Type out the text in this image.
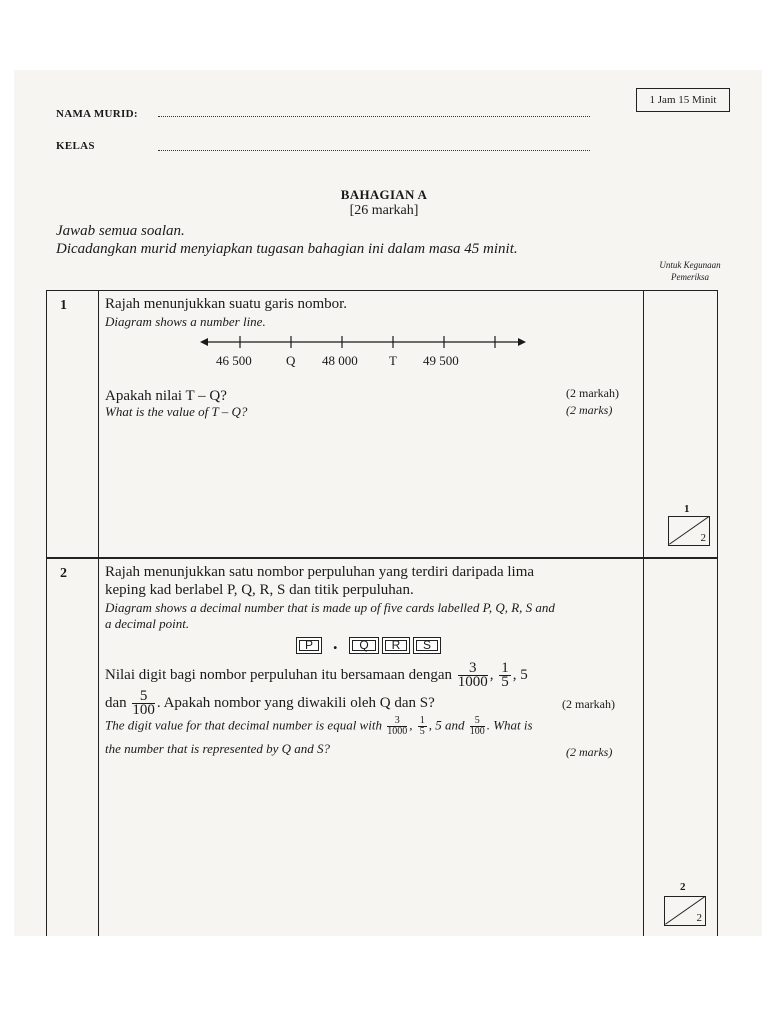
NAMA MURID:
KELAS
1 Jam 15 Minit
BAHAGIAN A
[26 markah]
Jawab semua soalan.
Dicadangkan murid menyiapkan tugasan bahagian ini dalam masa 45 minit.
Untuk Kegunaan
Pemeriksa
1	Rajah menunjukkan suatu garis nombor.
Diagram shows a number line.
46 500	Q 48 000 T 49 500
Apakah nilai T – Q?
What is the value of T – Q?
(2 markah)
(2 marks)
1
2
2	Rajah menunjukkan satu nombor perpuluhan yang terdiri daripada lima
keping kad berlabel P, Q, R, S dan titik perpuluhan.
Diagram shows a decimal number that is made up of five cards labelled P, Q, R, S and
a decimal point.
P	.	Q	R	S
Nilai digit bagi nombor perpuluhan itu bersamaan dengan $\frac{3}{1000}$ , $\frac{1}{5}$ , 5
dan $\frac{5}{100}$ . Apakah nombor yang diwakili oleh Q dan S?	(2 markah)
The digit value for that decimal number is equal with $\frac{3}{1000}$ , $\frac{1}{5}$ , 5 and $\frac{5}{100}$ . What is
the number that is represented by Q and S?	(2 marks)
2
2
